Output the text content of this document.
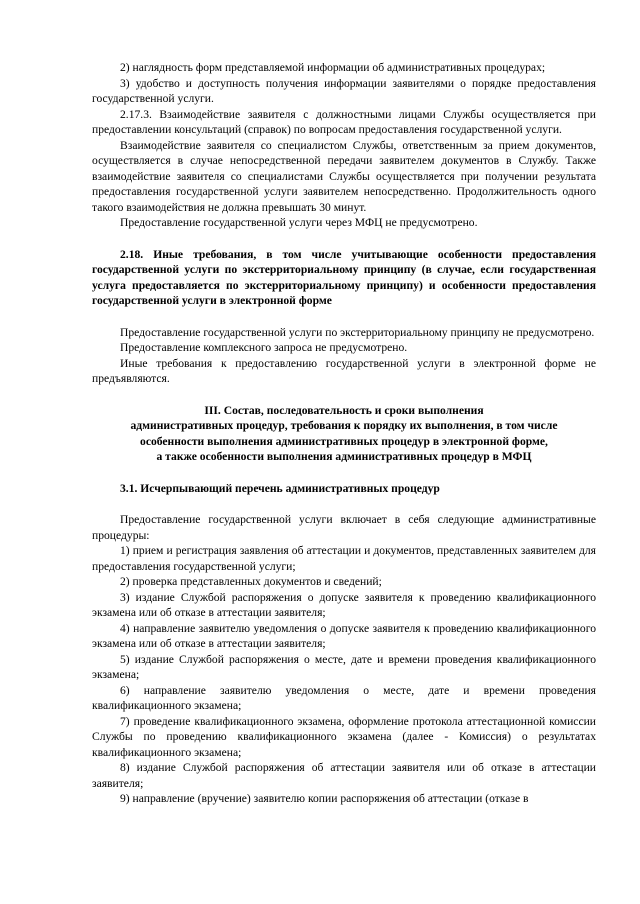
2) наглядность форм представляемой информации об административных процедурах;

3) удобство и доступность получения информации заявителями о порядке предоставления государственной услуги.

2.17.3. Взаимодействие заявителя с должностными лицами Службы осуществляется при предоставлении консультаций (справок) по вопросам предоставления государственной услуги.

Взаимодействие заявителя со специалистом Службы, ответственным за прием документов, осуществляется в случае непосредственной передачи заявителем документов в Службу. Также взаимодействие заявителя со специалистами Службы осуществляется при получении результата предоставления государственной услуги заявителем непосредственно. Продолжительность одного такого взаимодействия не должна превышать 30 минут.

Предоставление государственной услуги через МФЦ не предусмотрено.

2.18. Иные требования, в том числе учитывающие особенности предоставления государственной услуги по экстерриториальному принципу (в случае, если государственная услуга предоставляется по экстерриториальному принципу) и особенности предоставления государственной услуги в электронной форме

Предоставление государственной услуги по экстерриториальному принципу не предусмотрено.

Предоставление комплексного запроса не предусмотрено.

Иные требования к предоставлению государственной услуги в электронной форме не предъявляются.

III. Состав, последовательность и сроки выполнения

административных процедур, требования к порядку их выполнения, в том числе

особенности выполнения административных процедур в электронной форме,

а также особенности выполнения административных процедур в МФЦ

3.1. Исчерпывающий перечень административных процедур

Предоставление государственной услуги включает в себя следующие административные процедуры:

1) прием и регистрация заявления об аттестации и документов, представленных заявителем для предоставления государственной услуги;

2) проверка представленных документов и сведений;

3) издание Службой распоряжения о допуске заявителя к проведению квалификационного экзамена или об отказе в аттестации заявителя;

4) направление заявителю уведомления о допуске заявителя к проведению квалификационного экзамена или об отказе в аттестации заявителя;

5) издание Службой распоряжения о месте, дате и времени проведения квалификационного экзамена;

6) направление заявителю уведомления о месте, дате и времени проведения квалификационного экзамена;

7) проведение квалификационного экзамена, оформление протокола аттестационной комиссии Службы по проведению квалификационного экзамена (далее - Комиссия) о результатах квалификационного экзамена;

8) издание Службой распоряжения об аттестации заявителя или об отказе в аттестации заявителя;

9) направление (вручение) заявителю копии распоряжения об аттестации (отказе в
